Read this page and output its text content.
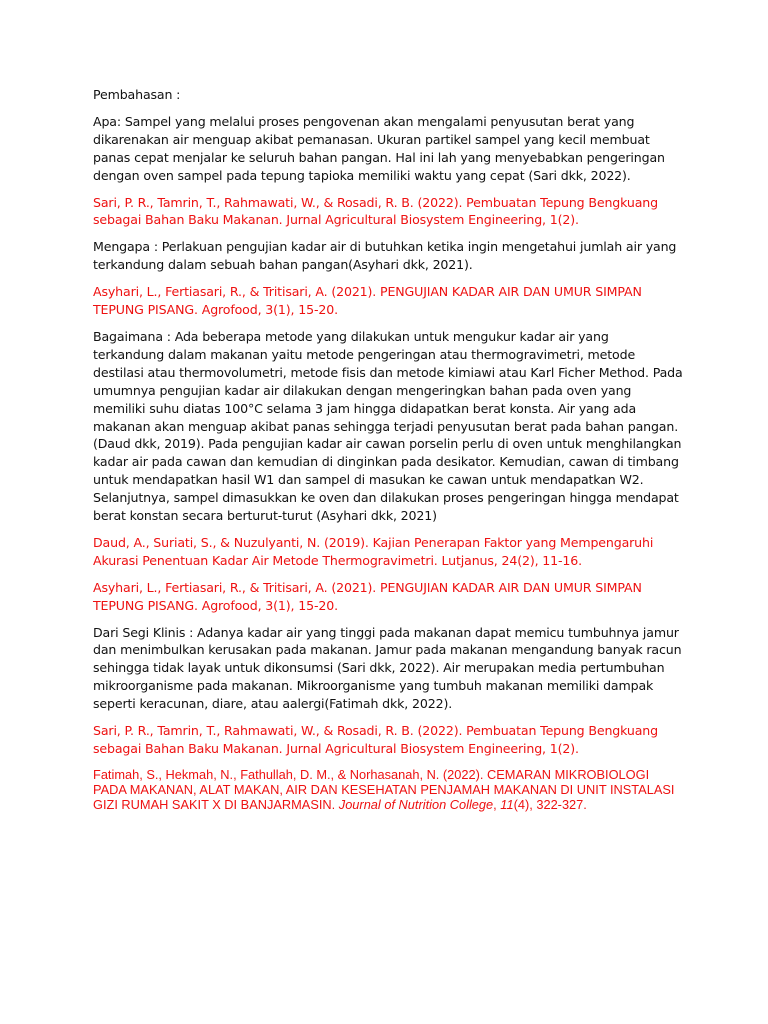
Pembahasan :

Apa: Sampel yang melalui proses pengovenan akan mengalami penyusutan berat yang dikarenakan air menguap akibat pemanasan. Ukuran partikel sampel yang kecil membuat panas cepat menjalar ke seluruh bahan pangan. Hal ini lah yang menyebabkan pengeringan dengan oven sampel pada tepung tapioka memiliki waktu yang cepat (Sari dkk, 2022).

Sari, P. R., Tamrin, T., Rahmawati, W., & Rosadi, R. B. (2022). Pembuatan Tepung Bengkuang sebagai Bahan Baku Makanan. Jurnal Agricultural Biosystem Engineering, 1(2).

Mengapa : Perlakuan pengujian kadar air di butuhkan ketika ingin mengetahui jumlah air yang terkandung dalam sebuah bahan pangan(Asyhari dkk, 2021).

Asyhari, L., Fertiasari, R., & Tritisari, A. (2021). PENGUJIAN KADAR AIR DAN UMUR SIMPAN TEPUNG PISANG. Agrofood, 3(1), 15-20.

Bagaimana : Ada beberapa metode yang dilakukan untuk mengukur kadar air yang terkandung dalam makanan yaitu metode pengeringan atau thermogravimetri, metode destilasi atau thermovolumetri, metode fisis dan metode kimiawi atau Karl Ficher Method. Pada umumnya pengujian kadar air dilakukan dengan mengeringkan bahan pada oven yang memiliki suhu diatas 100°C selama 3 jam hingga didapatkan berat konsta. Air yang ada makanan akan menguap akibat panas sehingga terjadi penyusutan berat pada bahan pangan. (Daud dkk, 2019). Pada pengujian kadar air cawan porselin perlu di oven untuk menghilangkan kadar air pada cawan dan kemudian di dinginkan pada desikator. Kemudian, cawan di timbang untuk mendapatkan hasil W1 dan sampel di masukan ke cawan untuk mendapatkan W2. Selanjutnya, sampel dimasukkan ke oven dan dilakukan proses pengeringan hingga mendapat berat konstan secara berturut-turut (Asyhari dkk, 2021)

Daud, A., Suriati, S., & Nuzulyanti, N. (2019). Kajian Penerapan Faktor yang Mempengaruhi Akurasi Penentuan Kadar Air Metode Thermogravimetri. Lutjanus, 24(2), 11-16.

Asyhari, L., Fertiasari, R., & Tritisari, A. (2021). PENGUJIAN KADAR AIR DAN UMUR SIMPAN TEPUNG PISANG. Agrofood, 3(1), 15-20.

Dari Segi Klinis : Adanya kadar air yang tinggi pada makanan dapat memicu tumbuhnya jamur dan menimbulkan kerusakan pada makanan. Jamur pada makanan mengandung banyak racun sehingga tidak layak untuk dikonsumsi (Sari dkk, 2022). Air merupakan media pertumbuhan mikroorganisme pada makanan. Mikroorganisme yang tumbuh makanan memiliki dampak seperti keracunan, diare, atau aalergi(Fatimah dkk, 2022).

Sari, P. R., Tamrin, T., Rahmawati, W., & Rosadi, R. B. (2022). Pembuatan Tepung Bengkuang sebagai Bahan Baku Makanan. Jurnal Agricultural Biosystem Engineering, 1(2).

Fatimah, S., Hekmah, N., Fathullah, D. M., & Norhasanah, N. (2022). CEMARAN MIKROBIOLOGI PADA MAKANAN, ALAT MAKAN, AIR DAN KESEHATAN PENJAMAH MAKANAN DI UNIT INSTALASI GIZI RUMAH SAKIT X DI BANJARMASIN. Journal of Nutrition College, 11(4), 322-327.
